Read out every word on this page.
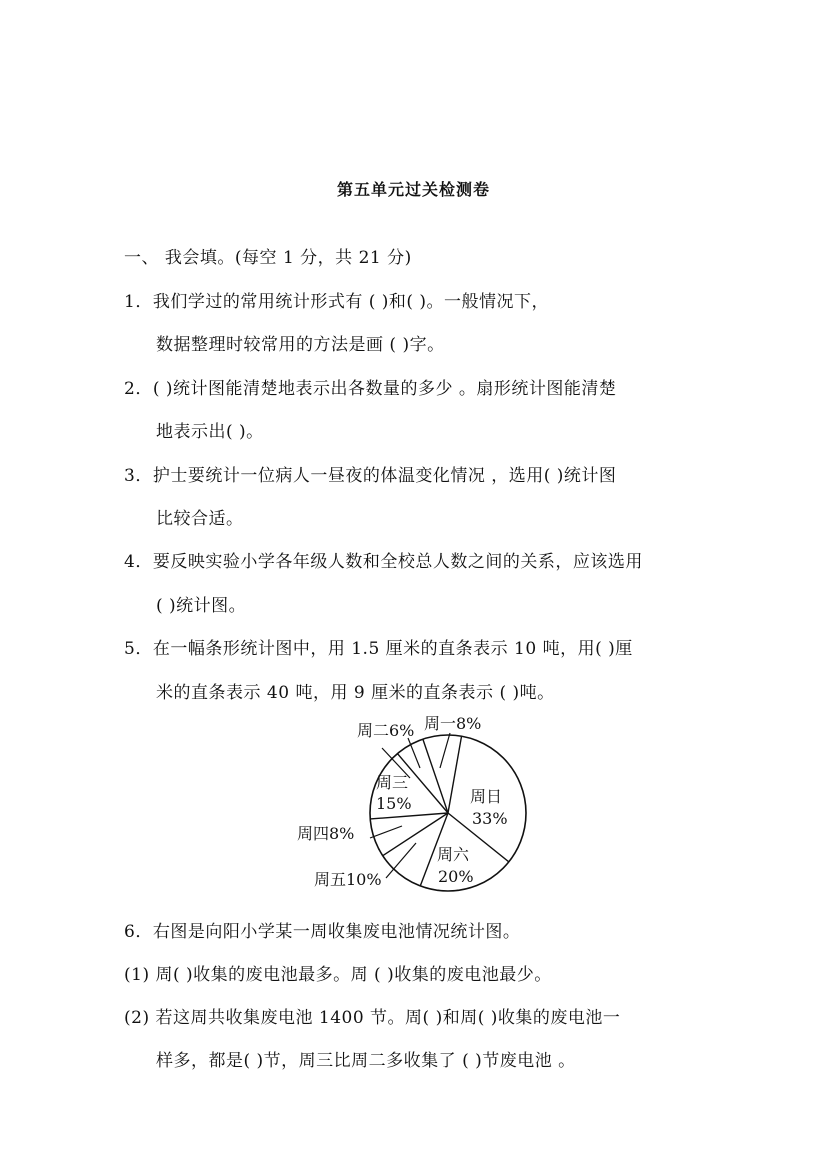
第五单元过关检测卷
一、 我会填。(每空 1 分，共 21 分)
1．我们学过的常用统计形式有 ( )和( )。一般情况下，
数据整理时较常用的方法是画 ( )字。
2．( )统计图能清楚地表示出各数量的多少 。扇形统计图能清楚
地表示出( )。
3．护士要统计一位病人一昼夜的体温变化情况 ，选用( )统计图
比较合适。
4．要反映实验小学各年级人数和全校总人数之间的关系，应该选用
( )统计图。
5．在一幅条形统计图中，用 1.5 厘米的直条表示 10 吨，用( )厘
米的直条表示 40 吨，用 9 厘米的直条表示 ( )吨。
周一8%
周二6%
周三
15%	周日
33%
周四8%
周六
20%
周五10%
6．右图是向阳小学某一周收集废电池情况统计图。
(1) 周( )收集的废电池最多。周 ( )收集的废电池最少。
(2) 若这周共收集废电池 1400 节。周( )和周( )收集的废电池一
样多，都是( )节，周三比周二多收集了 ( )节废电池 。
